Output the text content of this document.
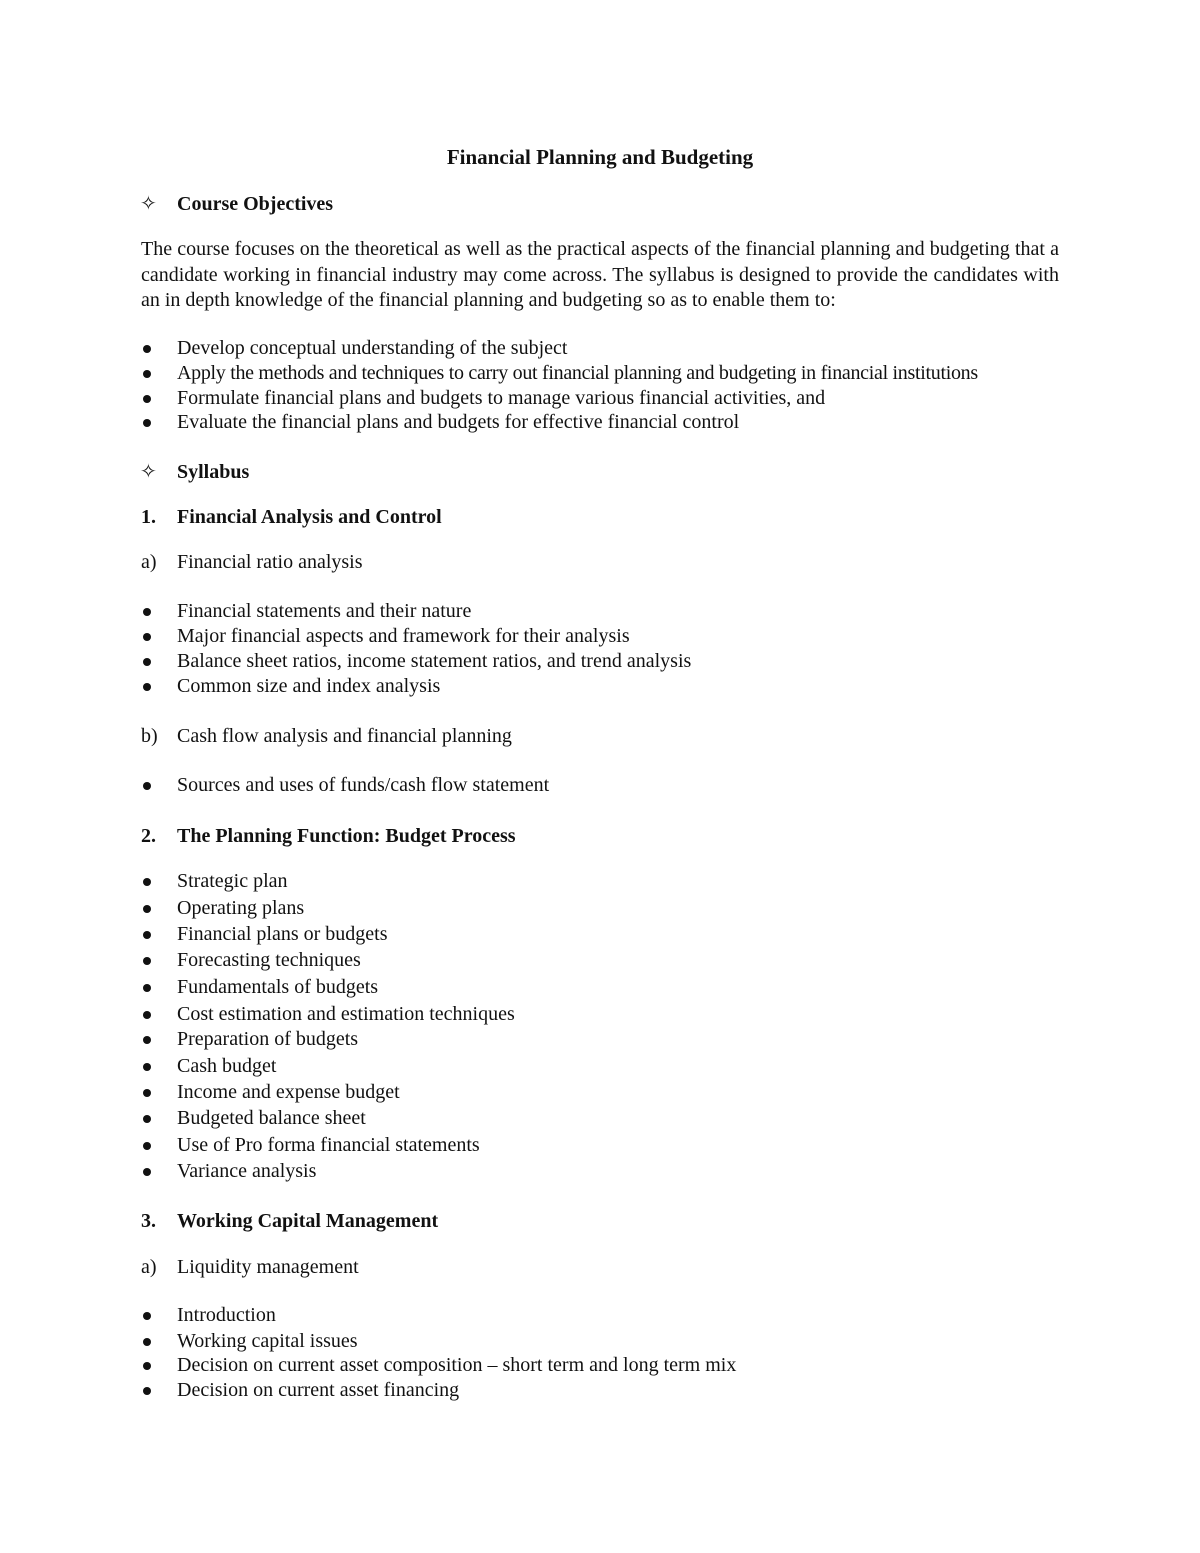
Financial Planning and Budgeting
✧ Course Objectives
The course focuses on the theoretical as well as the practical aspects of the financial planning and budgeting that a candidate working in financial industry may come across. The syllabus is designed to provide the candidates with an in depth knowledge of the financial planning and budgeting so as to enable them to:
Develop conceptual understanding of the subject
Apply the methods and techniques to carry out financial planning and budgeting in financial institutions
Formulate financial plans and budgets to manage various financial activities, and
Evaluate the financial plans and budgets for effective financial control
✧ Syllabus
1. Financial Analysis and Control
a) Financial ratio analysis
Financial statements and their nature
Major financial aspects and framework for their analysis
Balance sheet ratios, income statement ratios, and trend analysis
Common size and index analysis
b) Cash flow analysis and financial planning
Sources and uses of funds/cash flow statement
2. The Planning Function: Budget Process
Strategic plan
Operating plans
Financial plans or budgets
Forecasting techniques
Fundamentals of budgets
Cost estimation and estimation techniques
Preparation of budgets
Cash budget
Income and expense budget
Budgeted balance sheet
Use of Pro forma financial statements
Variance analysis
3. Working Capital Management
a) Liquidity management
Introduction
Working capital issues
Decision on current asset composition – short term and long term mix
Decision on current asset financing
